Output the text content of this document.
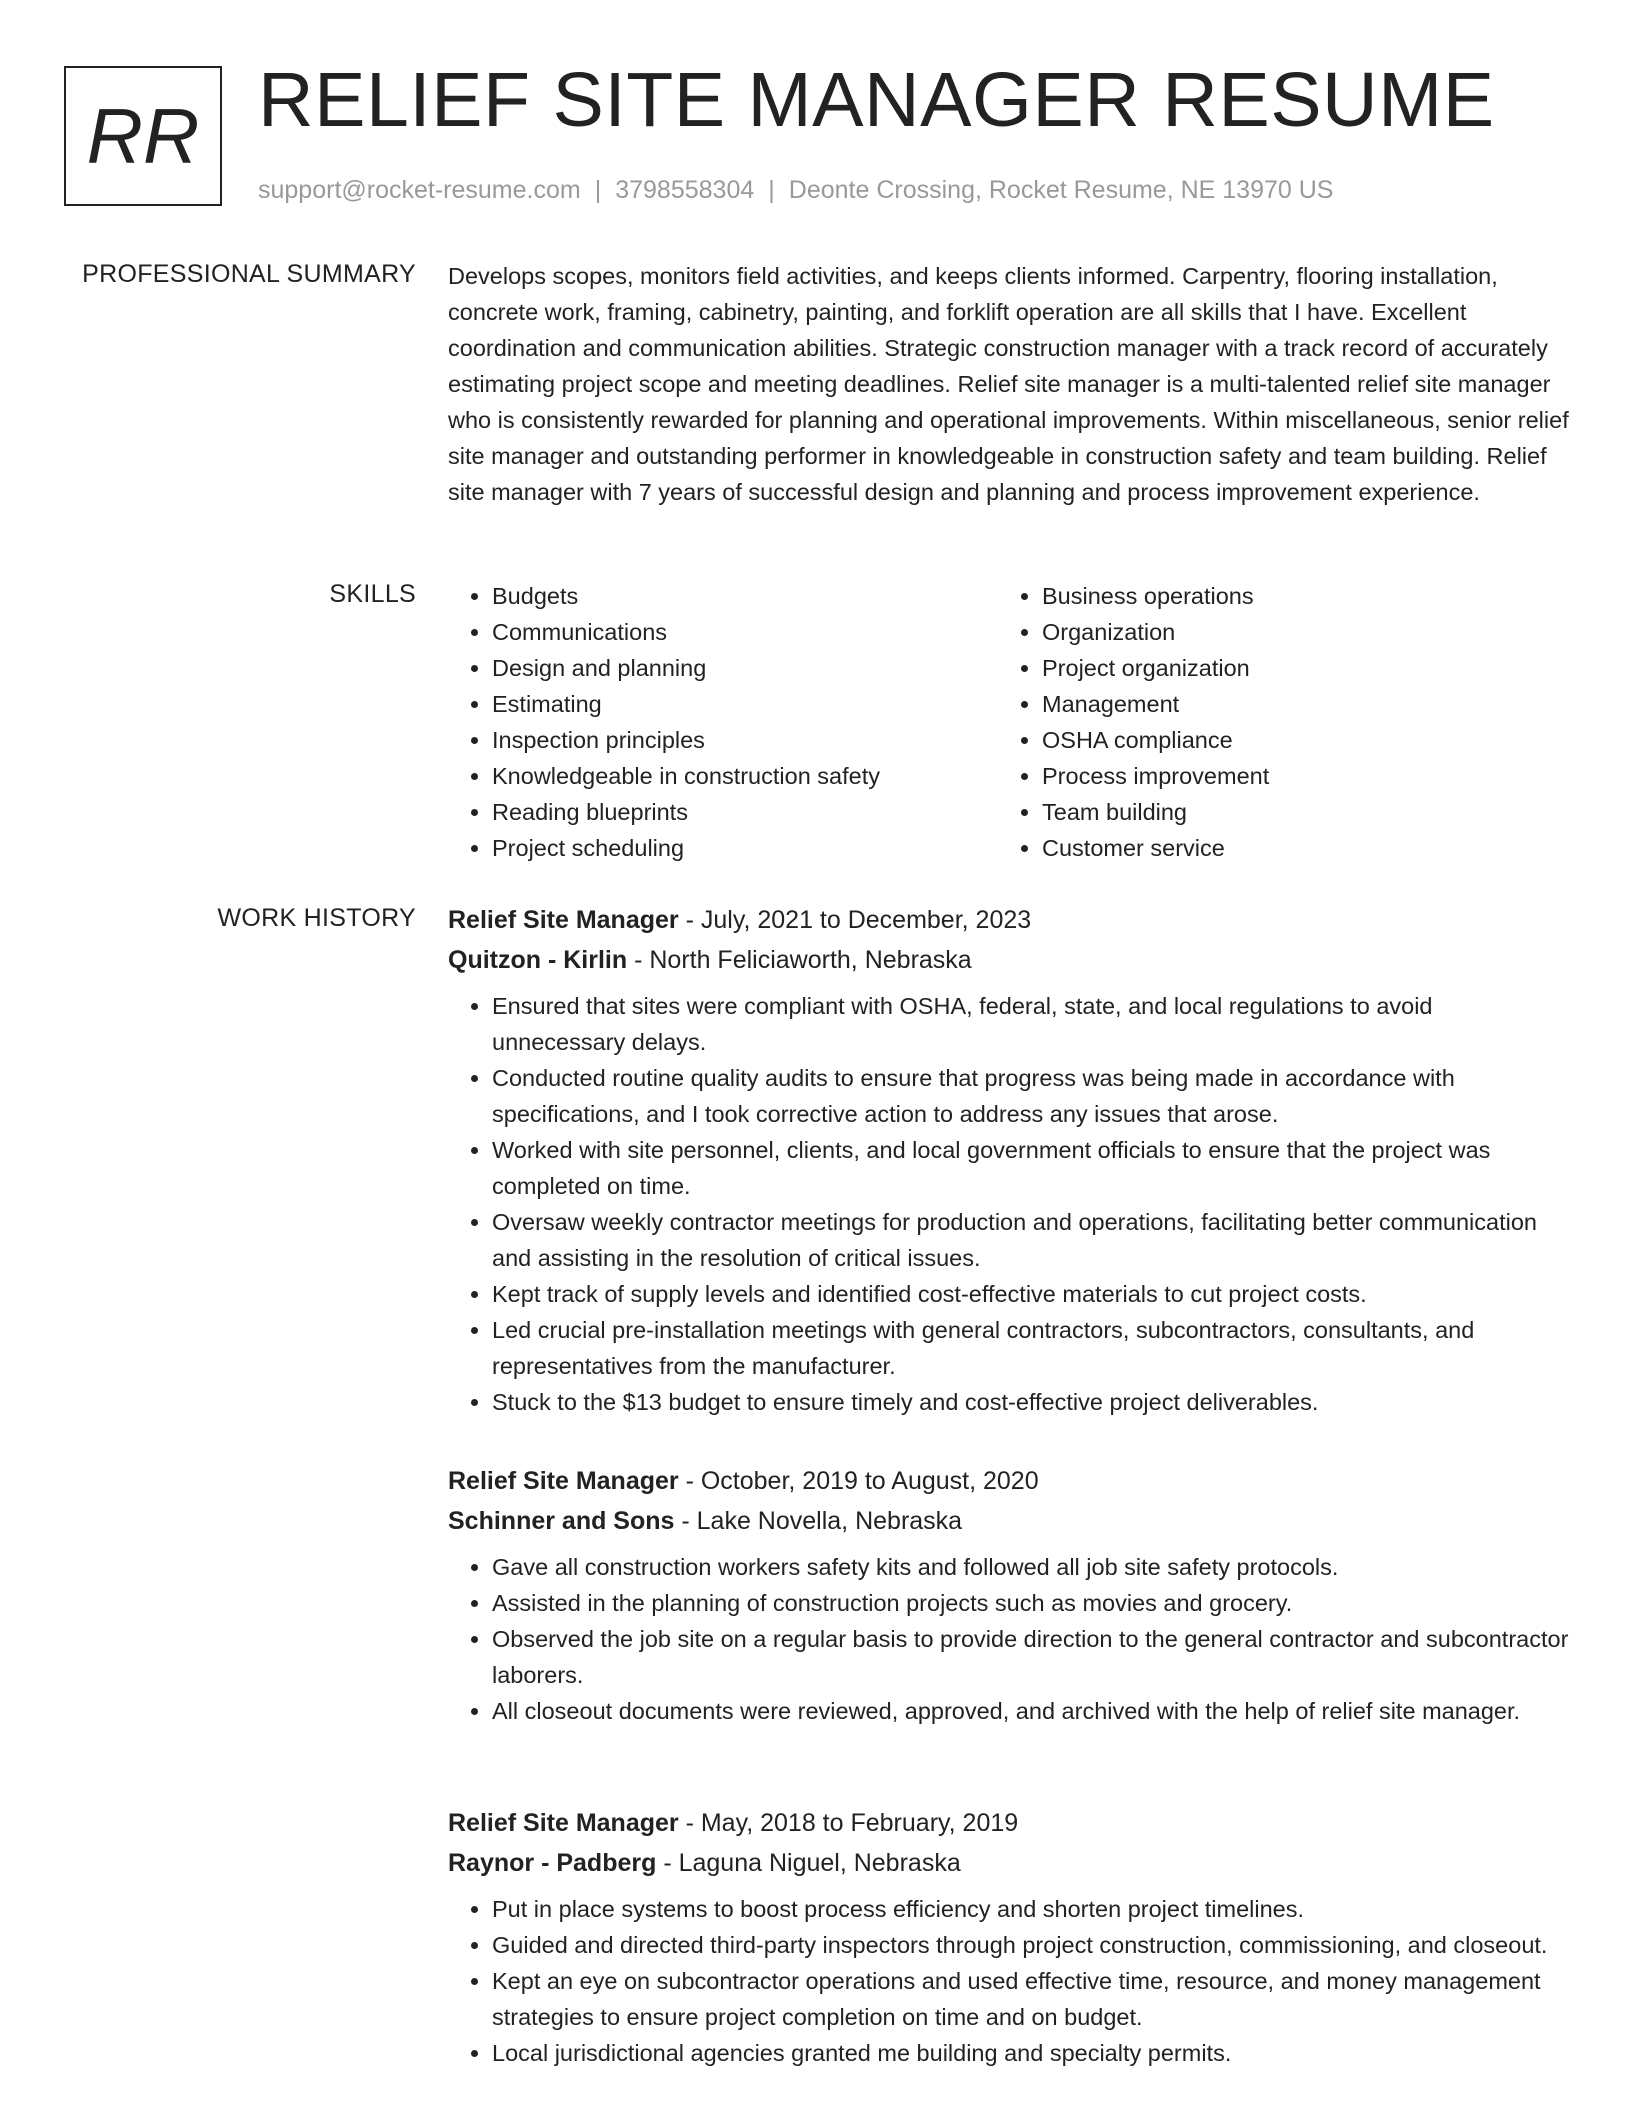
RR RELIEF SITE MANAGER RESUME
support@rocket-resume.com | 3798558304 | Deonte Crossing, Rocket Resume, NE 13970 US
PROFESSIONAL SUMMARY Develops scopes, monitors field activities, and keeps clients informed. Carpentry, flooring installation, concrete work, framing, cabinetry, painting, and forklift operation are all skills that I have. Excellent coordination and communication abilities. Strategic construction manager with a track record of accurately estimating project scope and meeting deadlines. Relief site manager is a multi-talented relief site manager who is consistently rewarded for planning and operational improvements. Within miscellaneous, senior relief site manager and outstanding performer in knowledgeable in construction safety and team building. Relief site manager with 7 years of successful design and planning and process improvement experience.
SKILLS
•	Budgets
• Communications
• Design and planning
• Estimating
• Inspection principles
• Knowledgeable in construction safety
• Reading blueprints
• Project scheduling
• Business operations
• Organization
• Project organization
• Management
• OSHA compliance
• Process improvement
• Team building
• Customer service
WORK HISTORY Relief Site Manager - July, 2021 to December, 2023
Quitzon - Kirlin - North Feliciaworth, Nebraska
• Ensured that sites were compliant with OSHA, federal, state, and local regulations to avoid unnecessary delays.
• Conducted routine quality audits to ensure that progress was being made in accordance with specifications, and I took corrective action to address any issues that arose.
• Worked with site personnel, clients, and local government officials to ensure that the project was completed on time.
• Oversaw weekly contractor meetings for production and operations, facilitating better communication and assisting in the resolution of critical issues.
• Kept track of supply levels and identified cost-effective materials to cut project costs.
• Led crucial pre-installation meetings with general contractors, subcontractors, consultants, and representatives from the manufacturer.
• Stuck to the $13 budget to ensure timely and cost-effective project deliverables.
Relief Site Manager - October, 2019 to August, 2020
Schinner and Sons - Lake Novella, Nebraska
• Gave all construction workers safety kits and followed all job site safety protocols.
• Assisted in the planning of construction projects such as movies and grocery.
• Observed the job site on a regular basis to provide direction to the general contractor and subcontractor laborers.
• All closeout documents were reviewed, approved, and archived with the help of relief site manager.
Relief Site Manager - May, 2018 to February, 2019
Raynor - Padberg - Laguna Niguel, Nebraska
• Put in place systems to boost process efficiency and shorten project timelines.
• Guided and directed third-party inspectors through project construction, commissioning, and closeout.
• Kept an eye on subcontractor operations and used effective time, resource, and money management strategies to ensure project completion on time and on budget.
• Local jurisdictional agencies granted me building and specialty permits.
